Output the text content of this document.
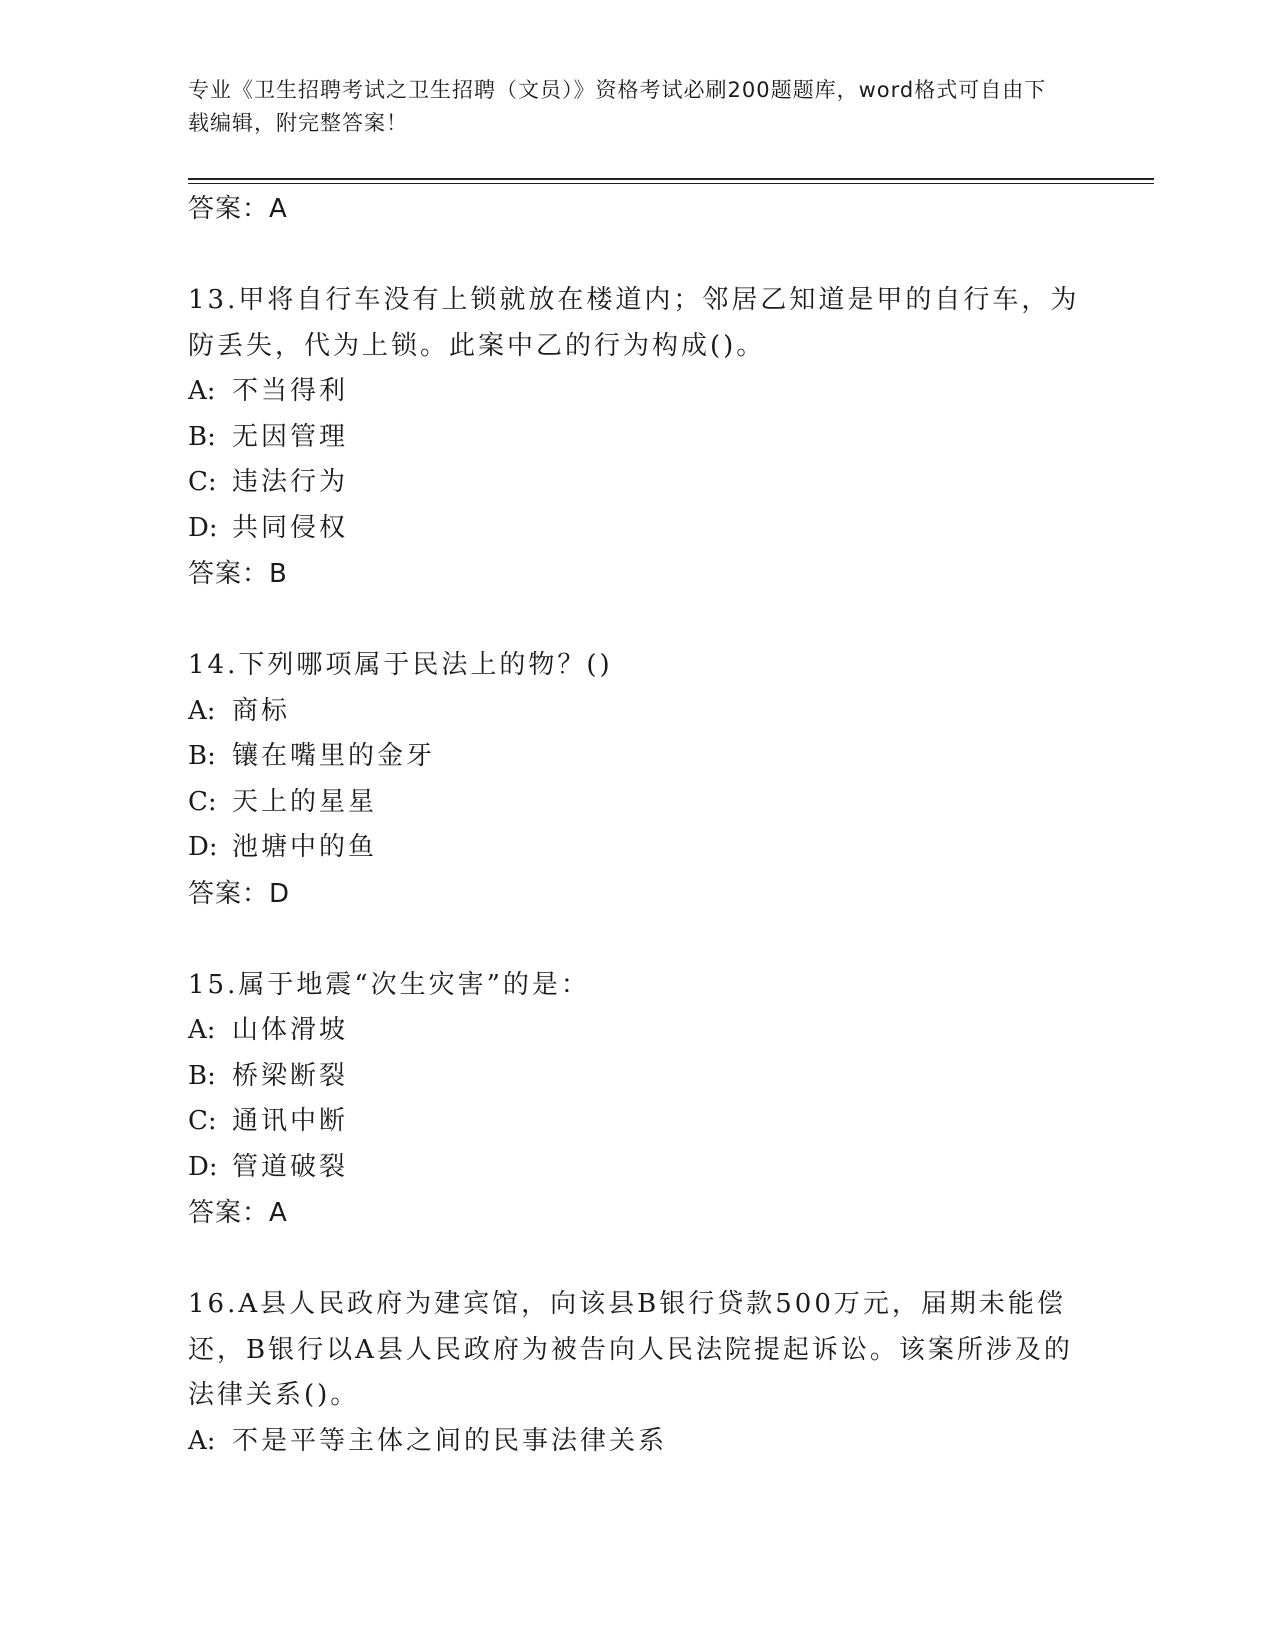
专业《卫生招聘考试之卫生招聘（文员）》资格考试必刷200题题库，word格式可自由下载编辑，附完整答案！
答案：A
13.甲将自行车没有上锁就放在楼道内；邻居乙知道是甲的自行车，为防丢失，代为上锁。此案中乙的行为构成()。
A: 不当得利
B: 无因管理
C: 违法行为
D: 共同侵权
答案：B
14.下列哪项属于民法上的物？()
A: 商标
B: 镶在嘴里的金牙
C: 天上的星星
D: 池塘中的鱼
答案：D
15.属于地震“次生灾害”的是：
A: 山体滑坡
B: 桥梁断裂
C: 通讯中断
D: 管道破裂
答案：A
16.A县人民政府为建宾馆，向该县B银行贷款500万元，届期未能偿还，B银行以A县人民政府为被告向人民法院提起诉讼。该案所涉及的法律关系()。
A: 不是平等主体之间的民事法律关系
